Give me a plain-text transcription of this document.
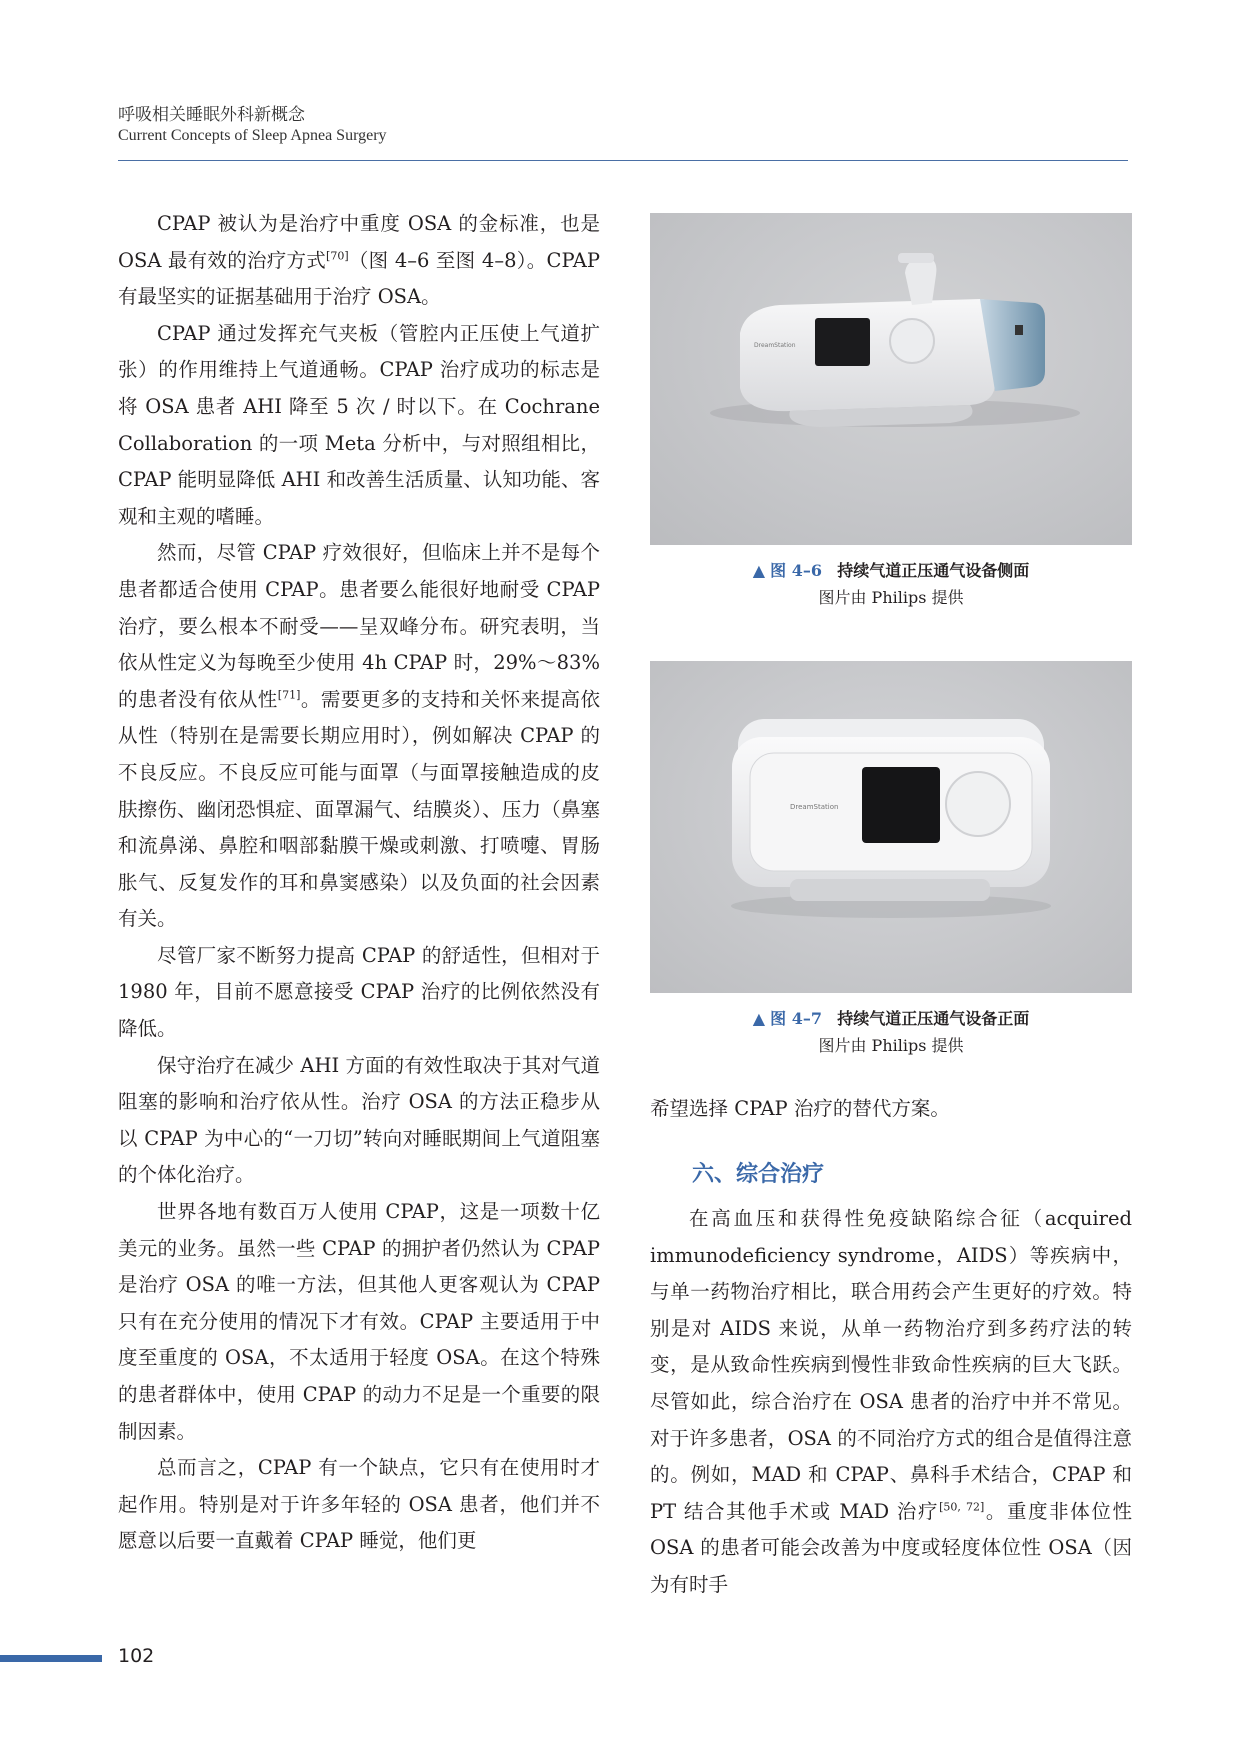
呼吸相关睡眠外科新概念
Current Concepts of Sleep Apnea Surgery

CPAP 被认为是治疗中重度 OSA 的金标准，也是 OSA 最有效的治疗方式[70]（图 4–6 至图 4–8）。CPAP 有最坚实的证据基础用于治疗 OSA。

CPAP 通过发挥充气夹板（管腔内正压使上气道扩张）的作用维持上气道通畅。CPAP 治疗成功的标志是将 OSA 患者 AHI 降至 5 次 / 时以下。在 Cochrane Collaboration 的一项 Meta 分析中，与对照组相比，CPAP 能明显降低 AHI 和改善生活质量、认知功能、客观和主观的嗜睡。

然而，尽管 CPAP 疗效很好，但临床上并不是每个患者都适合使用 CPAP。患者要么能很好地耐受 CPAP 治疗，要么根本不耐受——呈双峰分布。研究表明，当依从性定义为每晚至少使用 4h CPAP 时，29%～83% 的患者没有依从性[71]。需要更多的支持和关怀来提高依从性（特别在是需要长期应用时），例如解决 CPAP 的不良反应。不良反应可能与面罩（与面罩接触造成的皮肤擦伤、幽闭恐惧症、面罩漏气、结膜炎）、压力（鼻塞和流鼻涕、鼻腔和咽部黏膜干燥或刺激、打喷嚏、胃肠胀气、反复发作的耳和鼻窦感染）以及负面的社会因素有关。

尽管厂家不断努力提高 CPAP 的舒适性，但相对于 1980 年，目前不愿意接受 CPAP 治疗的比例依然没有降低。

保守治疗在减少 AHI 方面的有效性取决于其对气道阻塞的影响和治疗依从性。治疗 OSA 的方法正稳步从以 CPAP 为中心的“一刀切”转向对睡眠期间上气道阻塞的个体化治疗。

世界各地有数百万人使用 CPAP，这是一项数十亿美元的业务。虽然一些 CPAP 的拥护者仍然认为 CPAP 是治疗 OSA 的唯一方法，但其他人更客观认为 CPAP 只有在充分使用的情况下才有效。CPAP 主要适用于中度至重度的 OSA，不太适用于轻度 OSA。在这个特殊的患者群体中，使用 CPAP 的动力不足是一个重要的限制因素。

总而言之，CPAP 有一个缺点，它只有在使用时才起作用。特别是对于许多年轻的 OSA 患者，他们并不愿意以后要一直戴着 CPAP 睡觉，他们更

DreamStation
▲ 图 4–6 持续气道正压通气设备侧面
图片由 Philips 提供
DreamStation
▲ 图 4–7 持续气道正压通气设备正面
图片由 Philips 提供

希望选择 CPAP 治疗的替代方案。

六、综合治疗

在高血压和获得性免疫缺陷综合征（acquired immunodeficiency syndrome，AIDS）等疾病中，与单一药物治疗相比，联合用药会产生更好的疗效。特别是对 AIDS 来说，从单一药物治疗到多药疗法的转变，是从致命性疾病到慢性非致命性疾病的巨大飞跃。尽管如此，综合治疗在 OSA 患者的治疗中并不常见。对于许多患者，OSA 的不同治疗方式的组合是值得注意的。例如，MAD 和 CPAP、鼻科手术结合，CPAP 和 PT 结合其他手术或 MAD 治疗[50, 72]。重度非体位性 OSA 的患者可能会改善为中度或轻度体位性 OSA（因为有时手

102
